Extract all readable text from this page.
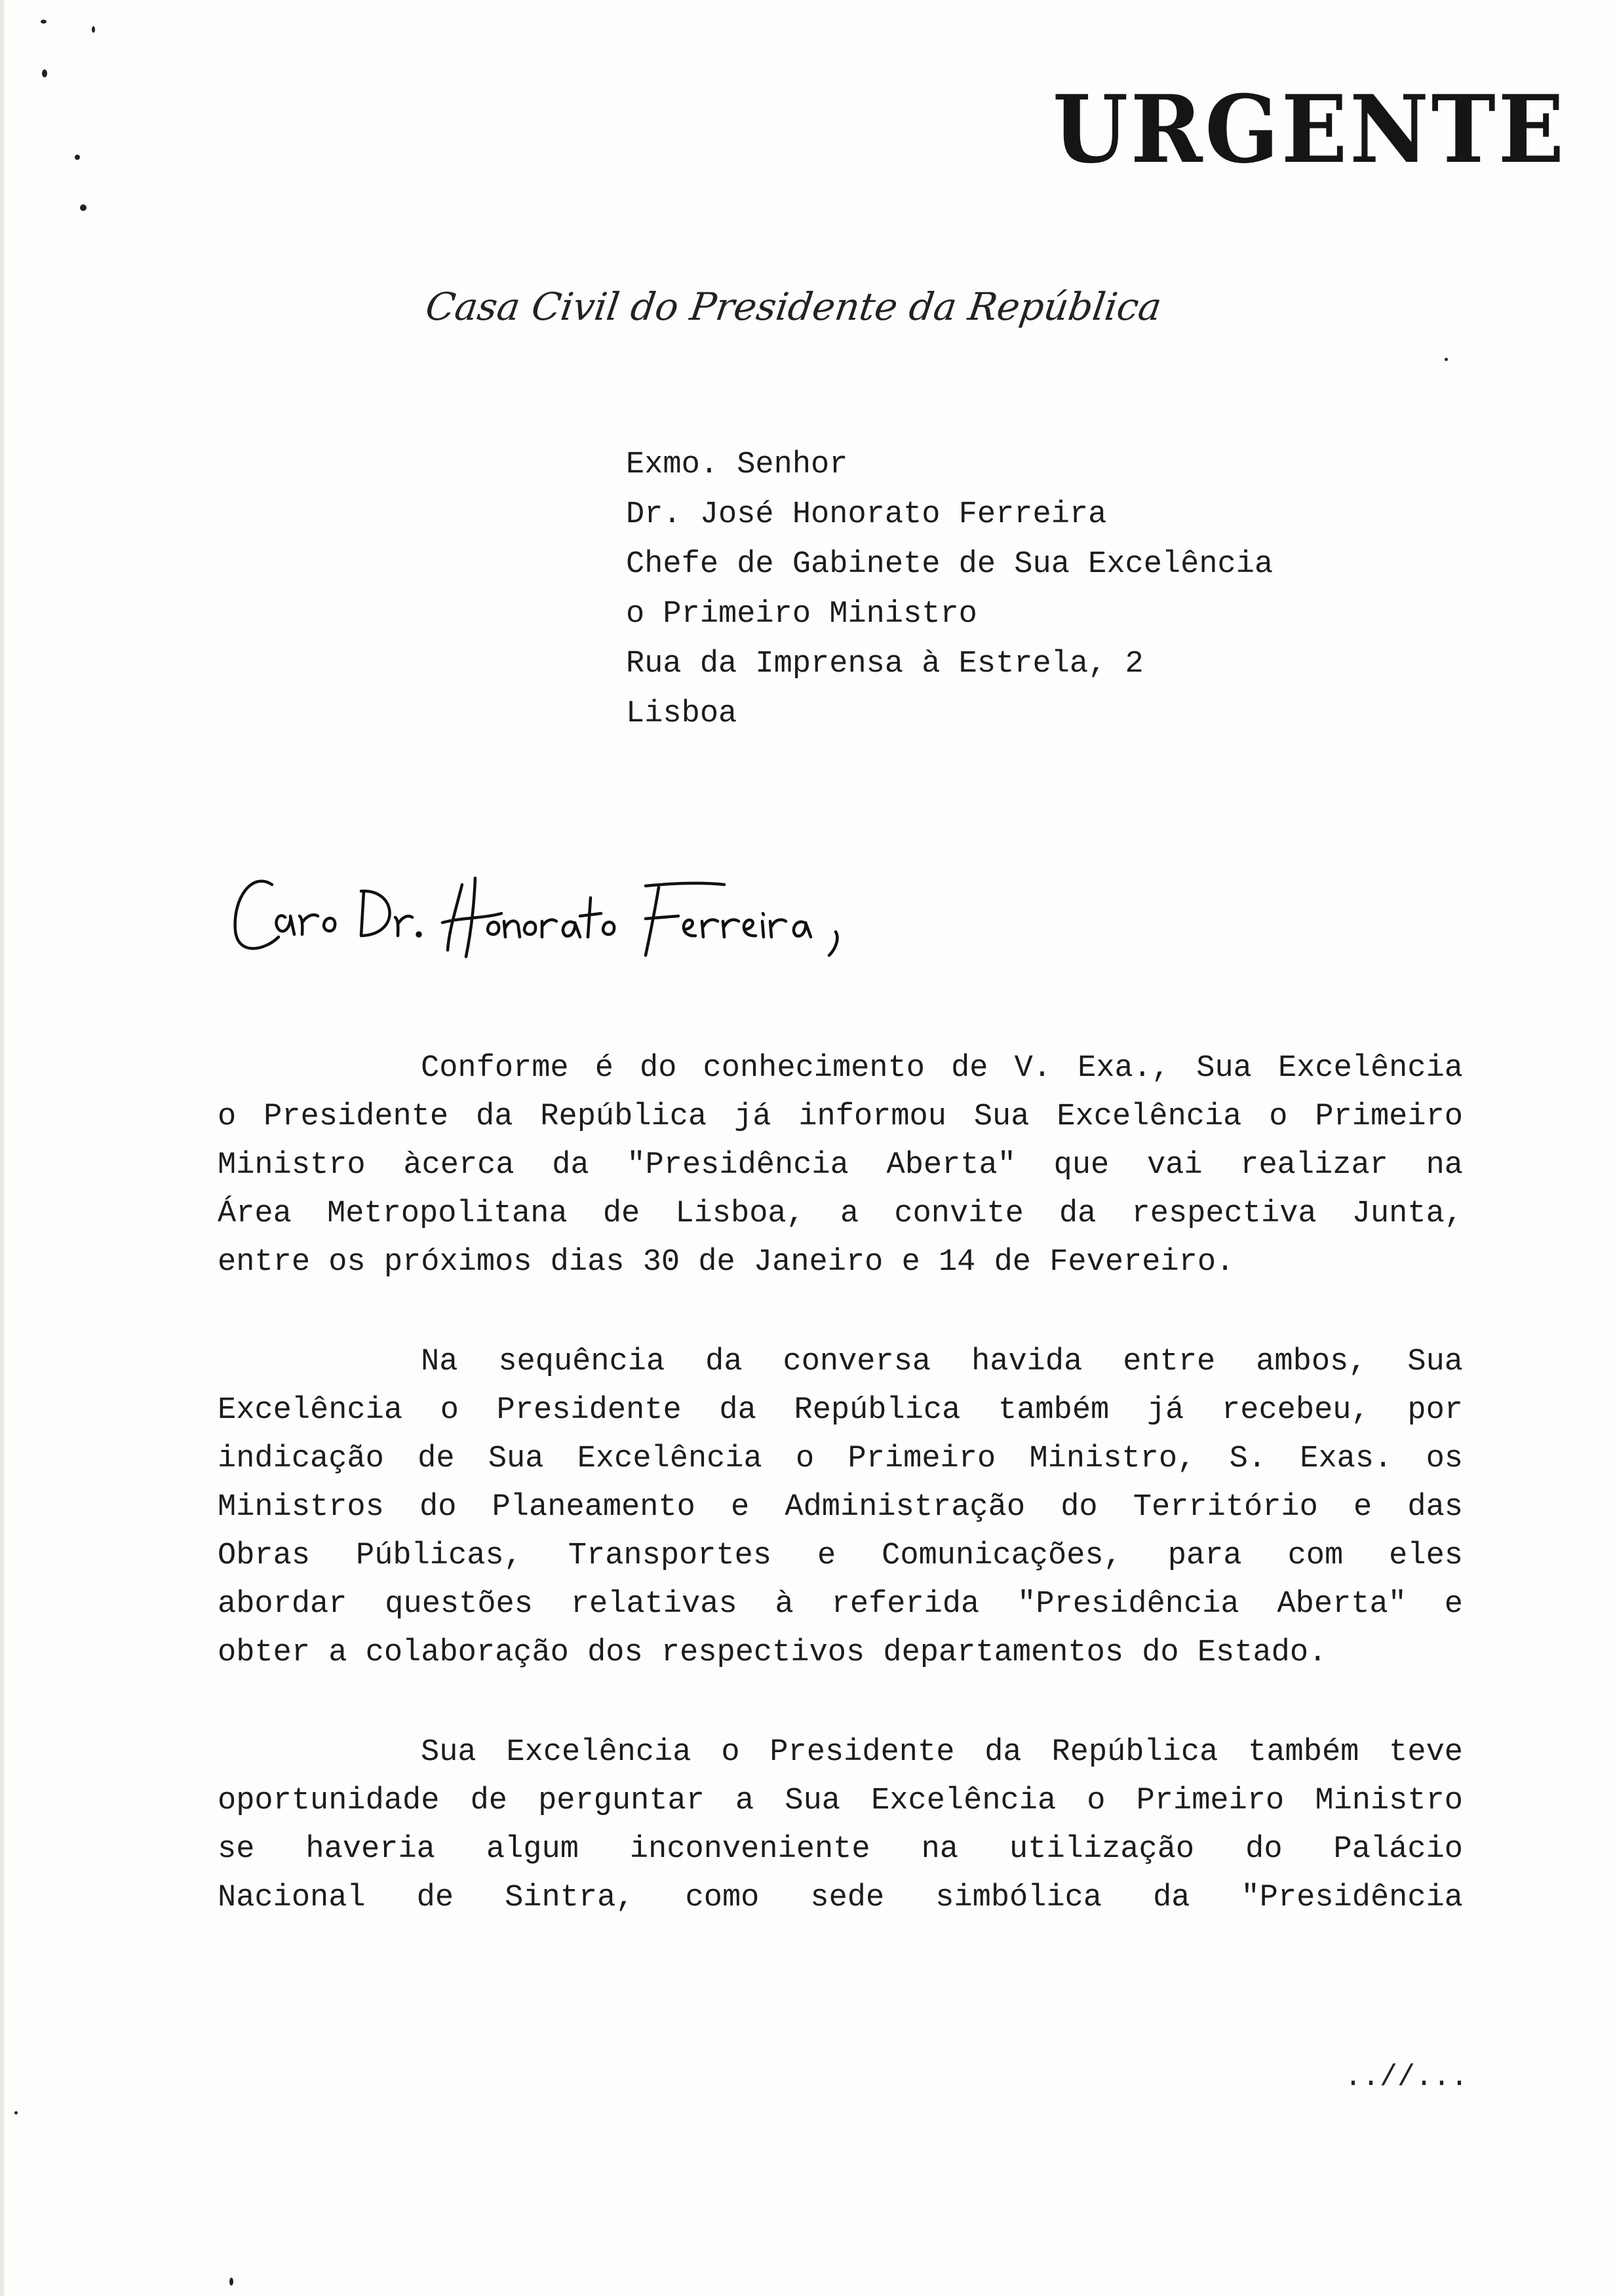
URGENTE
Casa Civil do Presidente da República
Exmo. Senhor
Dr. José Honorato Ferreira
Chefe de Gabinete de Sua Excelência
o Primeiro Ministro
Rua da Imprensa à Estrela, 2
Lisboa
Conforme é do conhecimento de V. Exa., Sua Excelência
o Presidente da República já informou Sua Excelência o Primeiro
Ministro àcerca da "Presidência Aberta" que vai realizar na
Área Metropolitana de Lisboa, a convite da respectiva Junta,
entre os próximos dias 30 de Janeiro e 14 de Fevereiro.
Na sequência da conversa havida entre ambos, Sua
Excelência o Presidente da República também já recebeu, por
indicação de Sua Excelência o Primeiro Ministro, S. Exas. os
Ministros do Planeamento e Administração do Território e das
Obras Públicas, Transportes e Comunicações, para com eles
abordar questões relativas à referida "Presidência Aberta" e
obter a colaboração dos respectivos departamentos do Estado.
Sua Excelência o Presidente da República também teve
oportunidade de perguntar a Sua Excelência o Primeiro Ministro
se haveria algum inconveniente na utilização do Palácio
Nacional de Sintra, como sede simbólica da "Presidência
..//...
